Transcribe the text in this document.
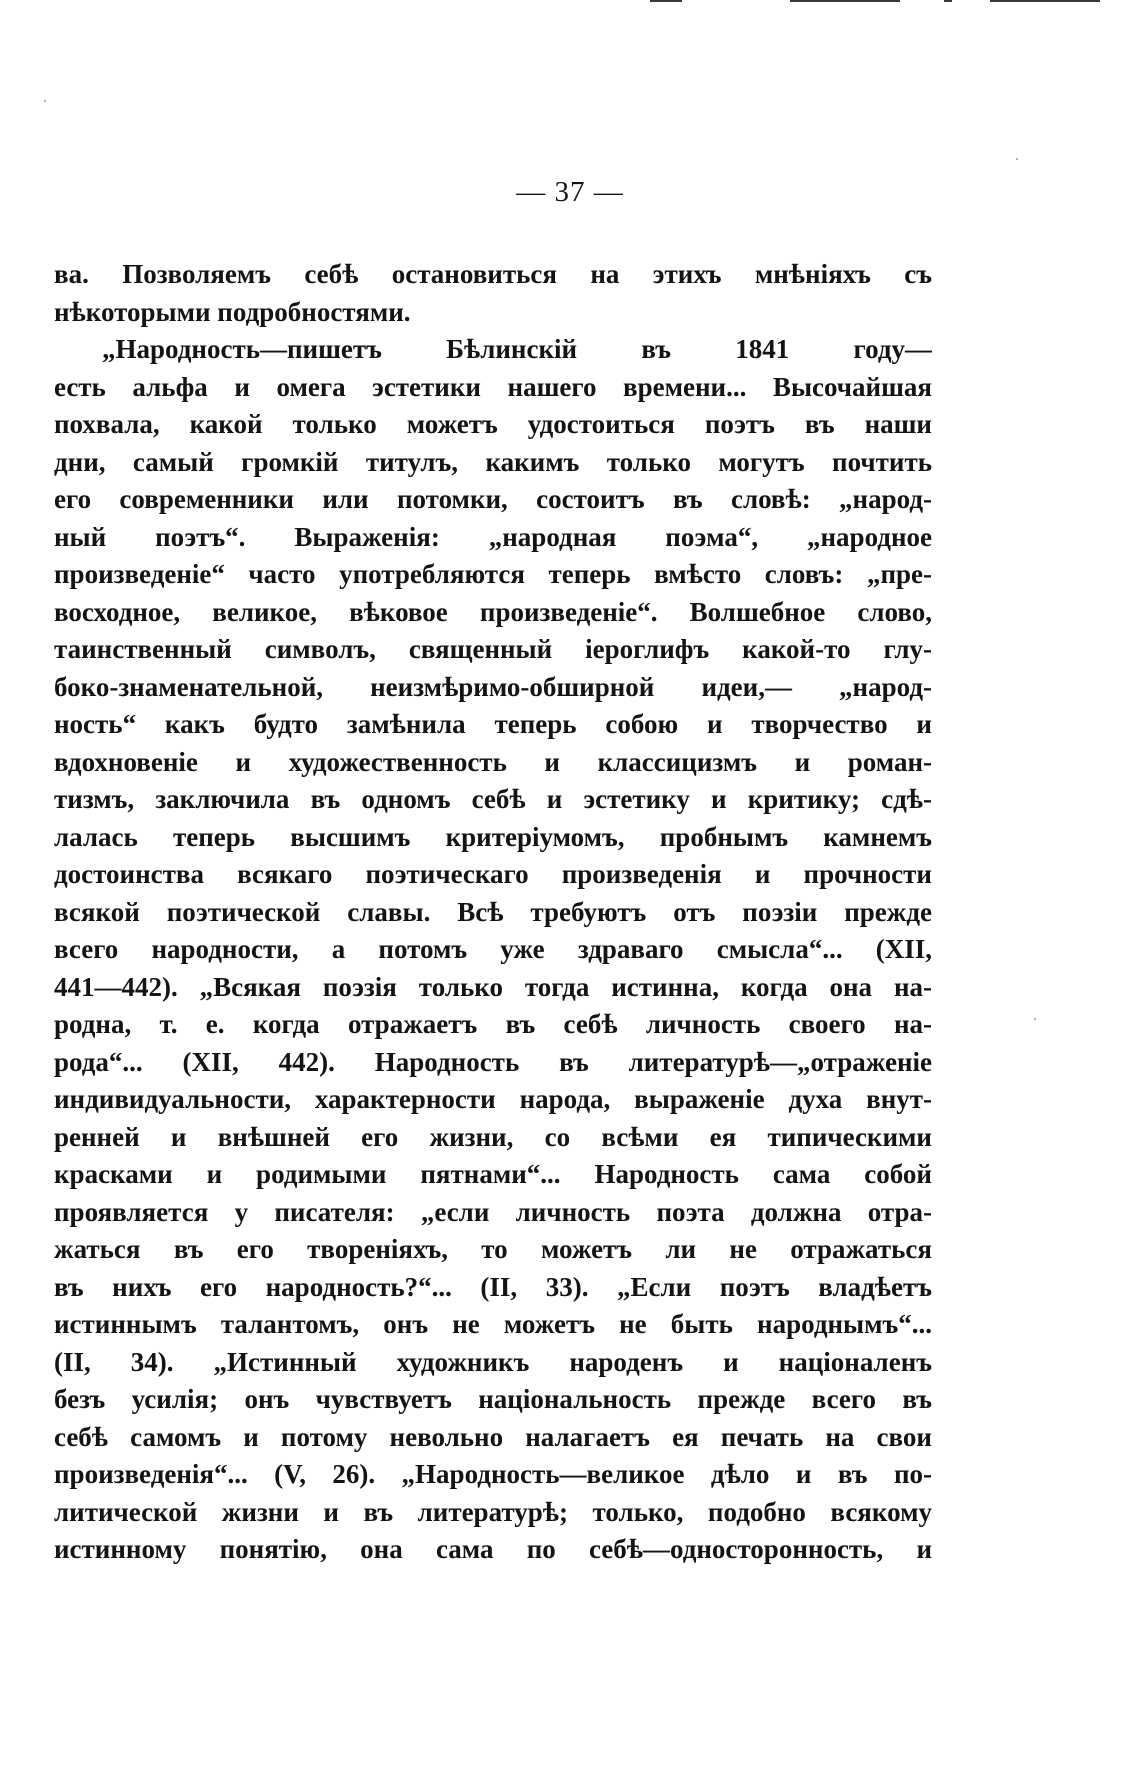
— 37 —
ва. Позволяемъ себѣ остановиться на этихъ мнѣніяхъ съ
нѣкоторыми подробностями.
„Народность—пишетъ Бѣлинскій въ 1841 году—
есть альфа и омега эстетики нашего времени... Высочайшая
похвала, какой только можетъ удостоиться поэтъ въ наши
дни, самый громкій титулъ, какимъ только могутъ почтить
его современники или потомки, состоитъ въ словѣ: „народ-
ный поэтъ“. Выраженія: „народная поэма“, „народное
произведеніе“ часто употребляются теперь вмѣсто словъ: „пре-
восходное, великое, вѣковое произведеніе“. Волшебное слово,
таинственный символъ, священный іероглифъ какой-то глу-
боко-знаменательной, неизмѣримо-обширной идеи,— „народ-
ность“ какъ будто замѣнила теперь собою и творчество и
вдохновеніе и художественность и классицизмъ и роман-
тизмъ, заключила въ одномъ себѣ и эстетику и критику; сдѣ-
лалась теперь высшимъ критеріумомъ, пробнымъ камнемъ
достоинства всякаго поэтическаго произведенія и прочности
всякой поэтической славы. Всѣ требуютъ отъ поэзіи прежде
всего народности, а потомъ уже здраваго смысла“... (XII,
441—442). „Всякая поэзія только тогда истинна, когда она на-
родна, т. е. когда отражаетъ въ себѣ личность своего на-
рода“... (XII, 442). Народность въ литературѣ—„отраженіе
индивидуальности, характерности народа, выраженіе духа внут-
ренней и внѣшней его жизни, со всѣми ея типическими
красками и родимыми пятнами“... Народность сама собой
проявляется у писателя: „если личность поэта должна отра-
жаться въ его твореніяхъ, то можетъ ли не отражаться
въ нихъ его народность?“... (II, 33). „Если поэтъ владѣетъ
истиннымъ талантомъ, онъ не можетъ не быть народнымъ“...
(II, 34). „Истинный художникъ народенъ и націоналенъ
безъ усилія; онъ чувствуетъ національность прежде всего въ
себѣ самомъ и потому невольно налагаетъ ея печать на свои
произведенія“... (V, 26). „Народность—великое дѣло и въ по-
литической жизни и въ литературѣ; только, подобно всякому
истинному понятію, она сама по себѣ—односторонность, и
